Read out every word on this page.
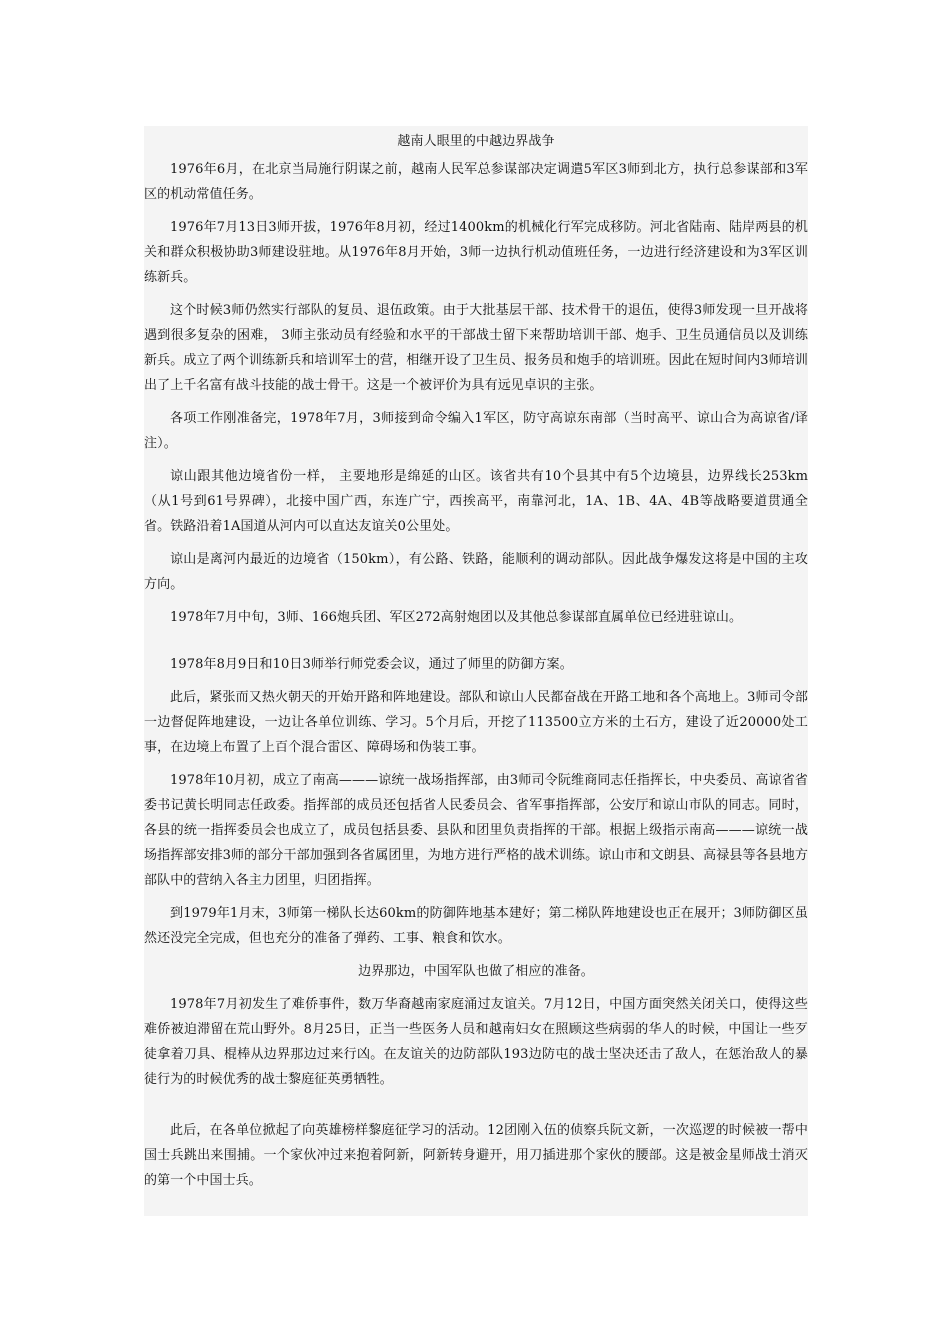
越南人眼里的中越边界战争

1976年6月，在北京当局施行阴谋之前，越南人民军总参谋部决定调遣5军区3师到北方，执行总参谋部和3军区的机动常值任务。

1976年7月13日3师开拔，1976年8月初，经过1400km的机械化行军完成移防。河北省陆南、陆岸两县的机关和群众积极协助3师建设驻地。从1976年8月开始，3师一边执行机动值班任务，一边进行经济建设和为3军区训练新兵。

这个时候3师仍然实行部队的复员、退伍政策。由于大批基层干部、技术骨干的退伍，使得3师发现一旦开战将遇到很多复杂的困难， 3师主张动员有经验和水平的干部战士留下来帮助培训干部、炮手、卫生员通信员以及训练新兵。成立了两个训练新兵和培训军士的营，相继开设了卫生员、报务员和炮手的培训班。因此在短时间内3师培训出了上千名富有战斗技能的战士骨干。这是一个被评价为具有远见卓识的主张。

各项工作刚准备完，1978年7月，3师接到命令编入1军区，防守高谅东南部（当时高平、谅山合为高谅省/译注）。

谅山跟其他边境省份一样， 主要地形是绵延的山区。该省共有10个县其中有5个边境县，边界线长253km（从1号到61号界碑），北接中国广西，东连广宁，西挨高平，南靠河北，1A、1B、4A、4B等战略要道贯通全省。铁路沿着1A国道从河内可以直达友谊关0公里处。

谅山是离河内最近的边境省（150km），有公路、铁路，能顺利的调动部队。因此战争爆发这将是中国的主攻方向。

1978年7月中旬，3师、166炮兵团、军区272高射炮团以及其他总参谋部直属单位已经进驻谅山。

1978年8月9日和10日3师举行师党委会议，通过了师里的防御方案。

此后，紧张而又热火朝天的开始开路和阵地建设。部队和谅山人民都奋战在开路工地和各个高地上。3师司令部一边督促阵地建设，一边让各单位训练、学习。5个月后，开挖了113500立方米的土石方，建设了近20000处工事，在边境上布置了上百个混合雷区、障碍场和伪装工事。

1978年10月初，成立了南高———谅统一战场指挥部，由3师司令阮维商同志任指挥长，中央委员、高谅省省委书记黄长明同志任政委。指挥部的成员还包括省人民委员会、省军事指挥部，公安厅和谅山市队的同志。同时，各县的统一指挥委员会也成立了，成员包括县委、县队和团里负责指挥的干部。根据上级指示南高———谅统一战场指挥部安排3师的部分干部加强到各省属团里，为地方进行严格的战术训练。谅山市和文朗县、高禄县等各县地方部队中的营纳入各主力团里，归团指挥。

到1979年1月末，3师第一梯队长达60km的防御阵地基本建好；第二梯队阵地建设也正在展开；3师防御区虽然还没完全完成，但也充分的准备了弹药、工事、粮食和饮水。

边界那边，中国军队也做了相应的准备。

1978年7月初发生了难侨事件，数万华裔越南家庭涌过友谊关。7月12日，中国方面突然关闭关口，使得这些难侨被迫滞留在荒山野外。8月25日，正当一些医务人员和越南妇女在照顾这些病弱的华人的时候，中国让一些歹徒拿着刀具、棍棒从边界那边过来行凶。在友谊关的边防部队193边防屯的战士坚决还击了敌人，在惩治敌人的暴徒行为的时候优秀的战士黎庭征英勇牺牲。

此后，在各单位掀起了向英雄榜样黎庭征学习的活动。12团刚入伍的侦察兵阮文新，一次巡逻的时候被一帮中国士兵跳出来围捕。一个家伙冲过来抱着阿新，阿新转身避开，用刀插进那个家伙的腰部。这是被金星师战士消灭的第一个中国士兵。
